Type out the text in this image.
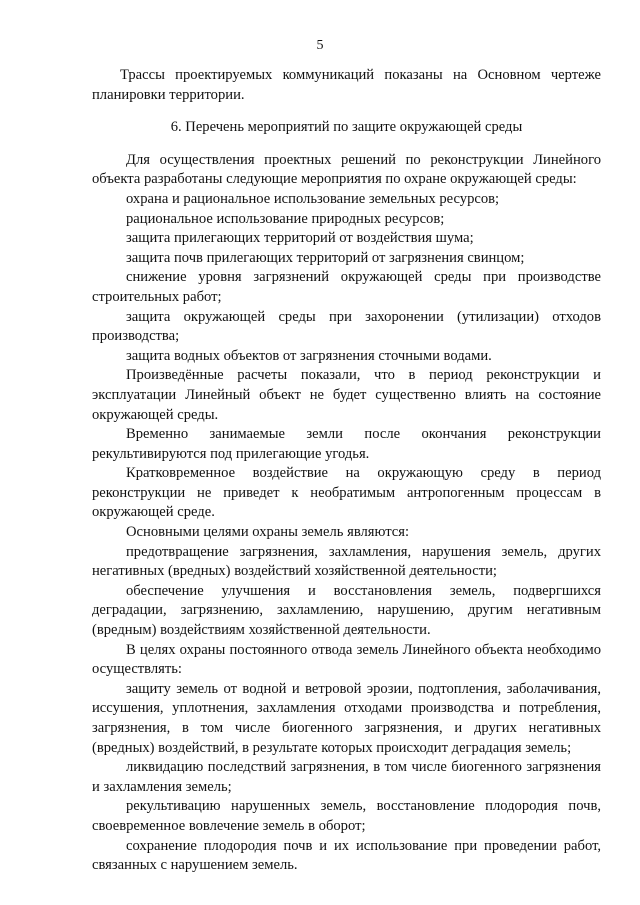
5

Трассы проектируемых коммуникаций показаны на Основном чертеже планировки территории.

6. Перечень мероприятий по защите окружающей среды

Для осуществления проектных решений по реконструкции Линейного объекта разработаны следующие мероприятия по охране окружающей среды:

охрана и рациональное использование земельных ресурсов;

рациональное использование природных ресурсов;

защита прилегающих территорий от воздействия шума;

защита почв прилегающих территорий от загрязнения свинцом;

снижение уровня загрязнений окружающей среды при производстве строительных работ;

защита окружающей среды при захоронении (утилизации) отходов производства;

защита водных объектов от загрязнения сточными водами.

Произведённые расчеты показали, что в период реконструкции и эксплуатации Линейный объект не будет существенно влиять на состояние окружающей среды.

Временно занимаемые земли после окончания реконструкции рекультивируются под прилегающие угодья.

Кратковременное воздействие на окружающую среду в период реконструкции не приведет к необратимым антропогенным процессам в окружающей среде.

Основными целями охраны земель являются:

предотвращение загрязнения, захламления, нарушения земель, других негативных (вредных) воздействий хозяйственной деятельности;

обеспечение улучшения и восстановления земель, подвергшихся деградации, загрязнению, захламлению, нарушению, другим негативным (вредным) воздействиям хозяйственной деятельности.

В целях охраны постоянного отвода земель Линейного объекта необходимо осуществлять:

защиту земель от водной и ветровой эрозии, подтопления, заболачивания, иссушения, уплотнения, захламления отходами производства и потребления, загрязнения, в том числе биогенного загрязнения, и других негативных (вредных) воздействий, в результате которых происходит деградация земель;

ликвидацию последствий загрязнения, в том числе биогенного загрязнения и захламления земель;

рекультивацию нарушенных земель, восстановление плодородия почв, своевременное вовлечение земель в оборот;

сохранение плодородия почв и их использование при проведении работ, связанных с нарушением земель.
